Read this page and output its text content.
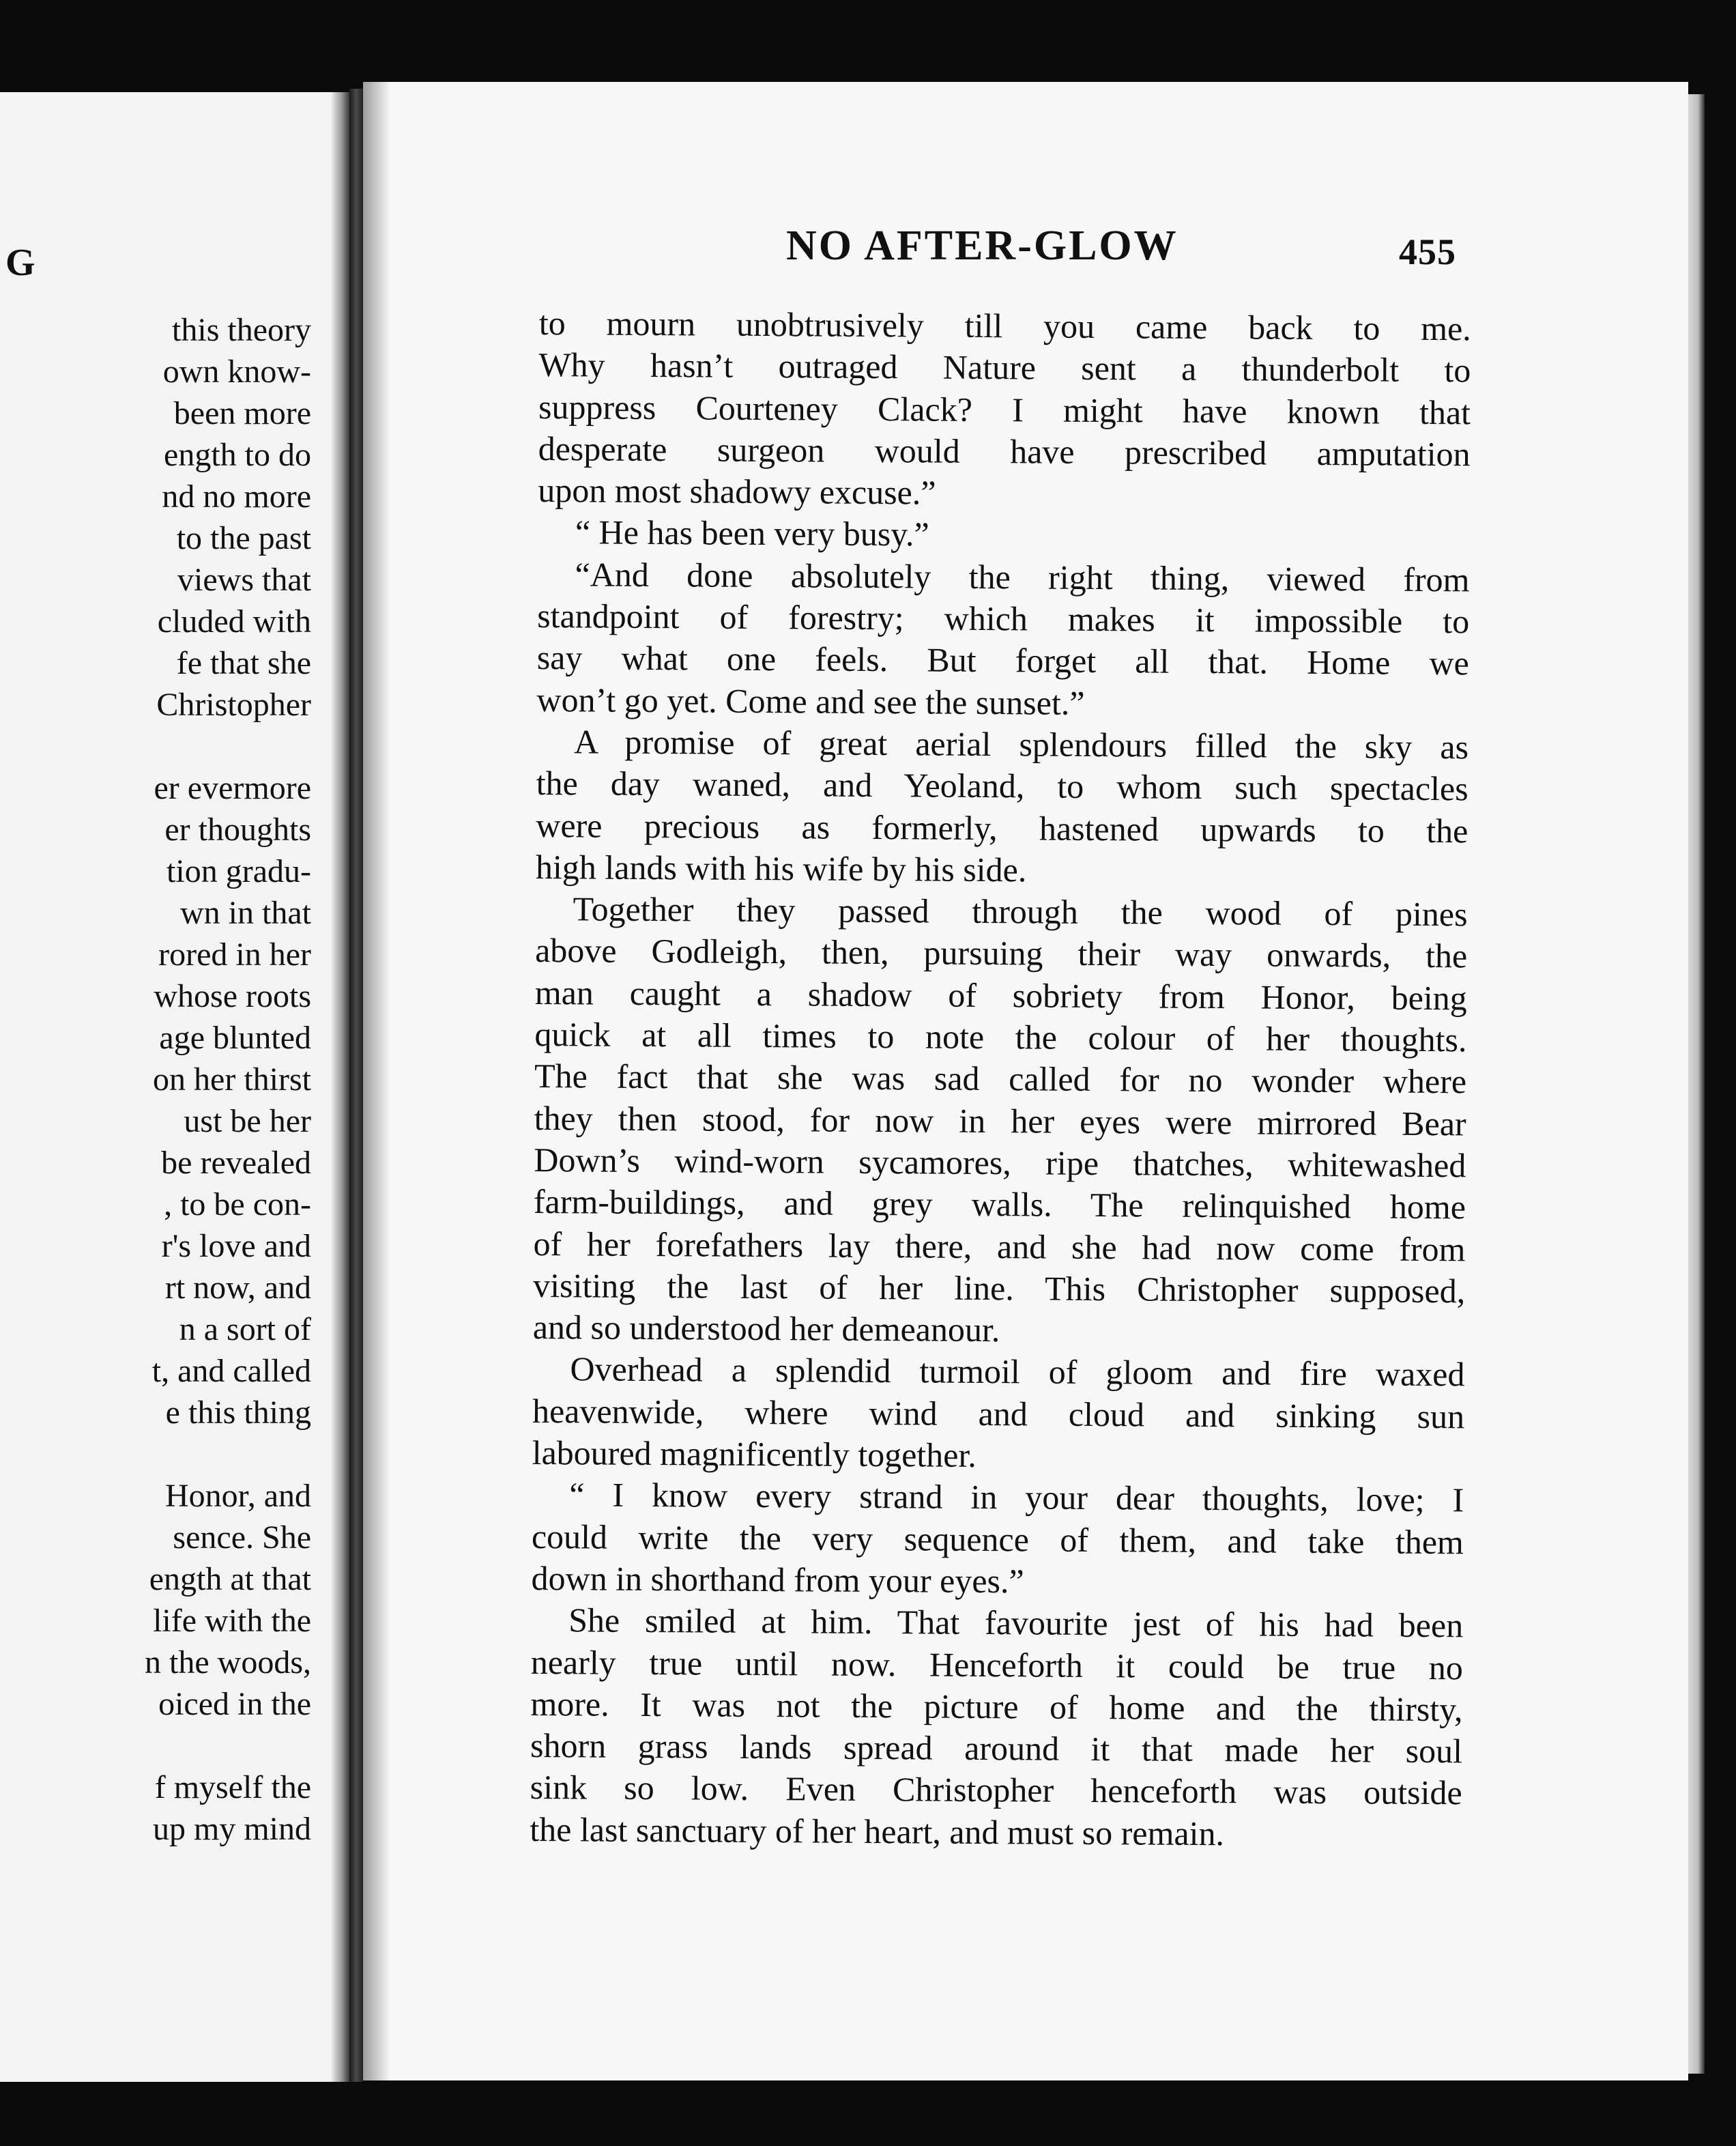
G
this theory
own know-
been more
ength to do
nd no more
to the past
views that
cluded with
fe that she
Christopher
er evermore
er thoughts
tion gradu-
wn in that
rored in her
whose roots
age blunted
on her thirst
ust be her
be revealed
, to be con-
r's love and
rt now, and
n a sort of
t, and called
e this thing
Honor, and
sence. She
ength at that
life with the
n the woods,
oiced in the
f myself the
up my mind
NO AFTER-GLOW	455
to mourn unobtrusively till you came back to me.
Why hasn’t outraged Nature sent a thunderbolt to
suppress Courteney Clack? I might have known that
desperate surgeon would have prescribed amputation
upon most shadowy excuse.”
“ He has been very busy.”
“And done absolutely the right thing, viewed from
standpoint of forestry; which makes it impossible to
say what one feels. But forget all that. Home we
won’t go yet. Come and see the sunset.”
A promise of great aerial splendours filled the sky as
the day waned, and Yeoland, to whom such spectacles
were precious as formerly, hastened upwards to the
high lands with his wife by his side.
Together they passed through the wood of pines
above Godleigh, then, pursuing their way onwards, the
man caught a shadow of sobriety from Honor, being
quick at all times to note the colour of her thoughts.
The fact that she was sad called for no wonder where
they then stood, for now in her eyes were mirrored Bear
Down’s wind-worn sycamores, ripe thatches, whitewashed
farm-buildings, and grey walls. The relinquished home
of her forefathers lay there, and she had now come from
visiting the last of her line. This Christopher supposed,
and so understood her demeanour.
Overhead a splendid turmoil of gloom and fire waxed
heavenwide, where wind and cloud and sinking sun
laboured magnificently together.
“ I know every strand in your dear thoughts, love; I
could write the very sequence of them, and take them
down in shorthand from your eyes.”
She smiled at him. That favourite jest of his had been
nearly true until now. Henceforth it could be true no
more. It was not the picture of home and the thirsty,
shorn grass lands spread around it that made her soul
sink so low. Even Christopher henceforth was outside
the last sanctuary of her heart, and must so remain.
